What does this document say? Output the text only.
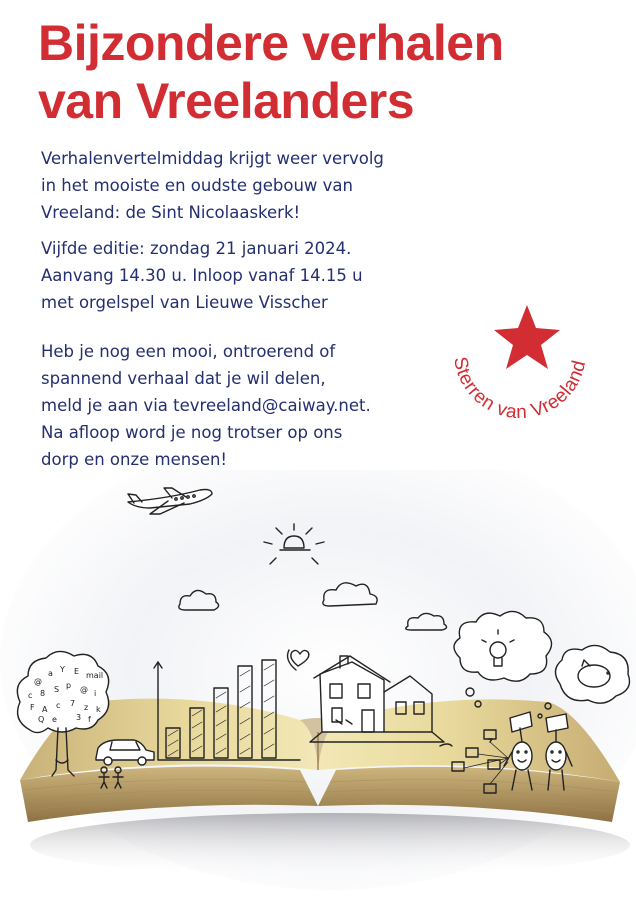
Bijzondere verhalen
van Vreelanders

Verhalenvertelmiddag krijgt weer vervolg
in het mooiste en oudste gebouw van
Vreeland: de Sint Nicolaaskerk!

Vijfde editie: zondag 21 januari 2024.
Aanvang 14.30 u. Inloop vanaf 14.15 u
met orgelspel van Lieuwe Visscher

Heb je nog een mooi, ontroerend of
spannend verhaal dat je wil delen,
meld je aan via tevreeland@caiway.net.
Na afloop word je nog trotser op ons
dorp en onze mensen!

Sterren van Vreeland
@
a Y E mail
c 8 S p @ i
F A c 7 z k
Q e 3 f
